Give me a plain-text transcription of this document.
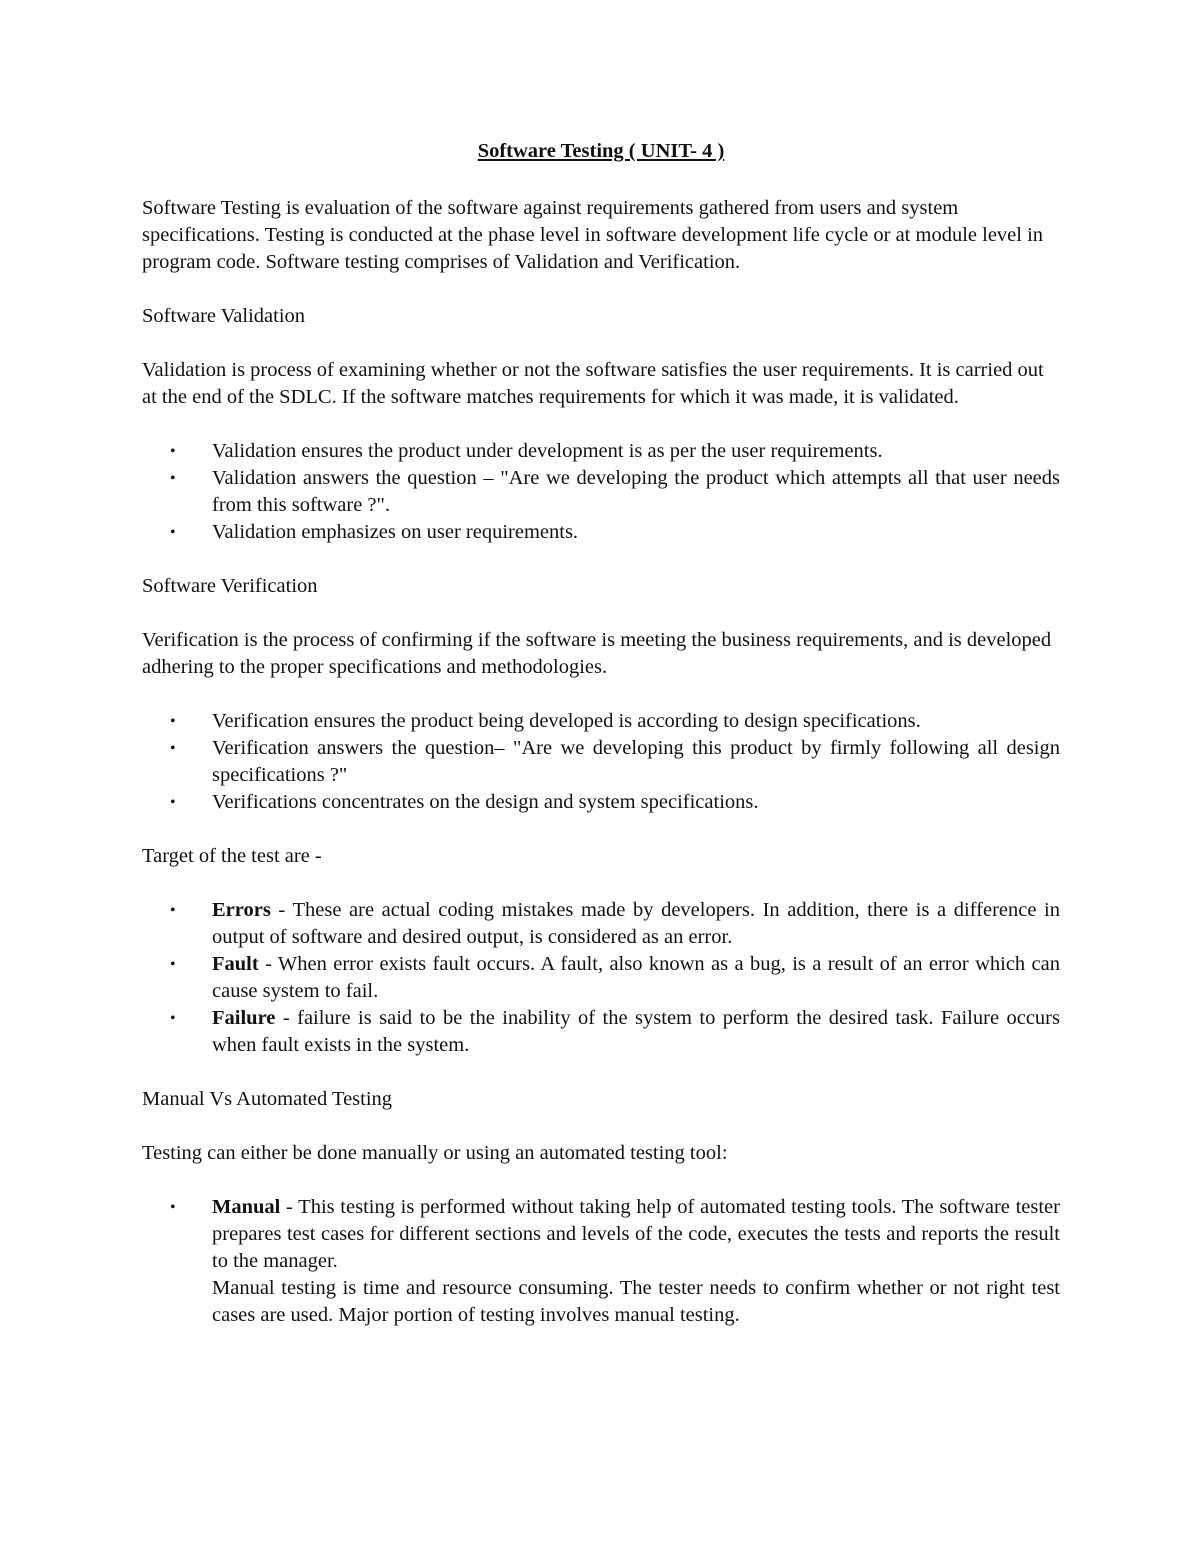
Software Testing ( UNIT- 4 )

Software Testing is evaluation of the software against requirements gathered from users and system specifications. Testing is conducted at the phase level in software development life cycle or at module level in program code. Software testing comprises of Validation and Verification.

Software Validation

Validation is process of examining whether or not the software satisfies the user requirements. It is carried out at the end of the SDLC. If the software matches requirements for which it was made, it is validated.

• Validation ensures the product under development is as per the user requirements.
• Validation answers the question – "Are we developing the product which attempts all that user needs from this software ?".
• Validation emphasizes on user requirements.
Software Verification

Verification is the process of confirming if the software is meeting the business requirements, and is developed adhering to the proper specifications and methodologies.

• Verification ensures the product being developed is according to design specifications.
• Verification answers the question– "Are we developing this product by firmly following all design specifications ?"
• Verifications concentrates on the design and system specifications.

Target of the test are -

• Errors - These are actual coding mistakes made by developers. In addition, there is a difference in output of software and desired output, is considered as an error.
• Fault - When error exists fault occurs. A fault, also known as a bug, is a result of an error which can cause system to fail.
• Failure - failure is said to be the inability of the system to perform the desired task. Failure occurs when fault exists in the system.
Manual Vs Automated Testing

Testing can either be done manually or using an automated testing tool:

• Manual - This testing is performed without taking help of automated testing tools. The software tester prepares test cases for different sections and levels of the code, executes the tests and reports the result to the manager.
Manual testing is time and resource consuming. The tester needs to confirm whether or not right test cases are used. Major portion of testing involves manual testing.
